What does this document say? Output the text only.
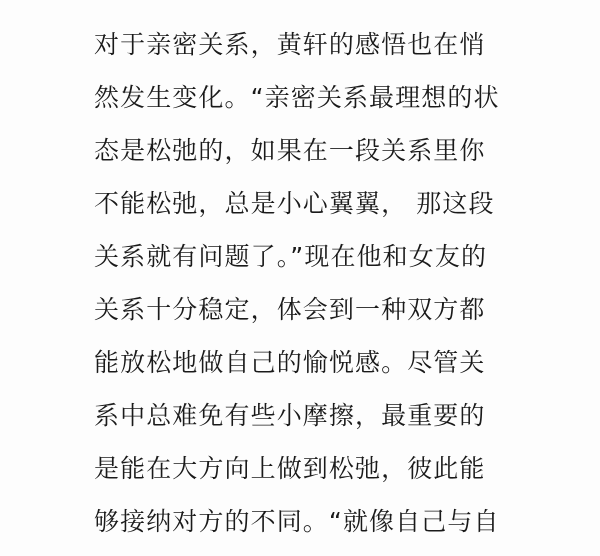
对于亲密关系，黄轩的感悟也在悄
然发生变化。“亲密关系最理想的状
态是松弛的，如果在一段关系里你
不能松弛，总是小心翼翼， 那这段
关系就有问题了。”现在他和女友的
关系十分稳定，体会到一种双方都
能放松地做自己的愉悦感。尽管关
系中总难免有些小摩擦，最重要的
是能在大方向上做到松弛，彼此能
够接纳对方的不同。“就像自己与自
